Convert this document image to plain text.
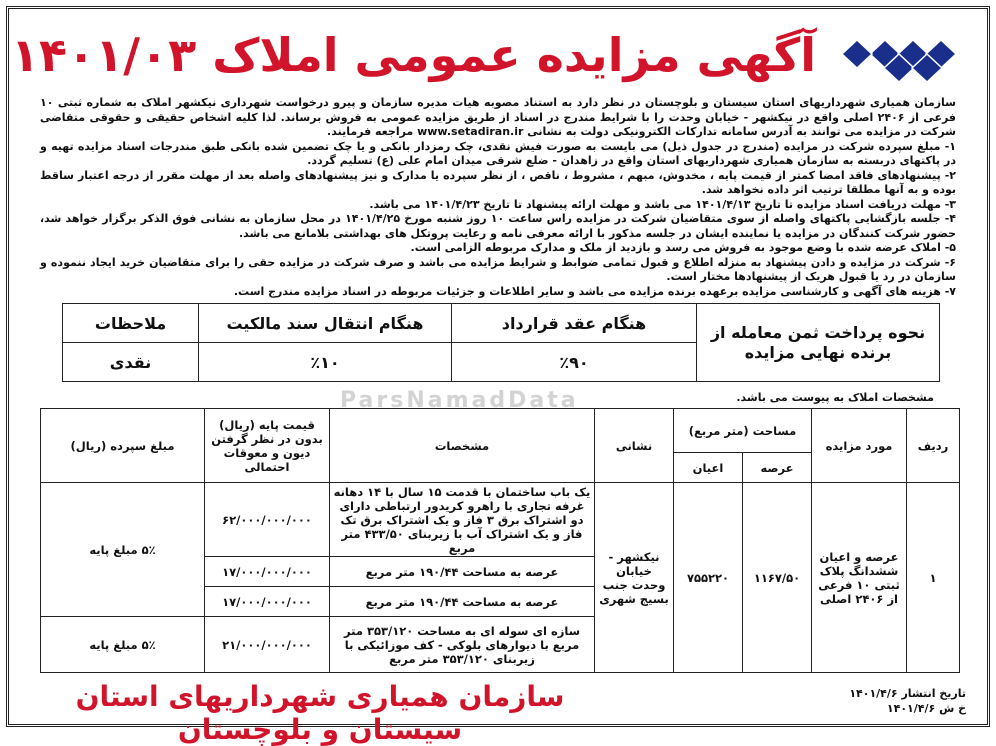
آگهی مزایده عمومی املاک ۱۴۰۱/۰۳

سازمان همیاری شهرداریهای استان سیستان و بلوچستان در نظر دارد به استناد مصوبه هیات مدیره سازمان و پیرو درخواست شهرداری نیکشهر املاک به شماره ثبتی ۱۰ فرعی از ۲۴۰۶ اصلی واقع در نیکشهر - خیابان وحدت را با شرایط مندرج در اسناد از طریق مزایده عمومی به فروش برساند. لذا کلیه اشخاص حقیقی و حقوقی متقاضی شرکت در مزایده می توانند به آدرس سامانه تدارکات الکترونیکی دولت به نشانی www.setadiran.ir مراجعه فرمایند.

۱- مبلغ سپرده شرکت در مزایده (مندرج در جدول ذیل) می بایست به صورت فیش نقدی، چک رمزدار بانکی و یا چک تضمین شده بانکی طبق مندرجات اسناد مزایده تهیه و در پاکتهای دربسته به سازمان همیاری شهرداریهای استان واقع در زاهدان - ضلع شرقی میدان امام علی (ع) تسلیم گردد.

۲- پیشنهادهای فاقد امضا کمتر از قیمت پایه ، مخدوش، مبهم ، مشروط ، ناقص ، از نظر سپرده یا مدارک و نیز پیشنهادهای واصله بعد از مهلت مقرر از درجه اعتبار ساقط بوده و به آنها مطلقا ترتیب اثر داده نخواهد شد.

۳- مهلت دریافت اسناد مزایده تا تاریخ ۱۴۰۱/۴/۱۳ می باشد و مهلت ارائه پیشنهاد تا تاریخ ۱۴۰۱/۴/۲۳ می باشد.

۴- جلسه بازگشایی پاکتهای واصله از سوی متقاضیان شرکت در مزایده راس ساعت ۱۰ روز شنبه مورخ ۱۴۰۱/۴/۲۵ در محل سازمان به نشانی فوق الذکر برگزار خواهد شد، حضور شرکت کنندگان در مزایده یا نماینده ایشان در جلسه مذکور با ارائه معرفی نامه و رعایت پروتکل های بهداشتی بلامانع می باشد.

۵- املاک عرضه شده با وضع موجود به فروش می رسد و بازدید از ملک و مدارک مربوطه الزامی است.

۶- شرکت در مزایده و دادن پیشنهاد به منزله اطلاع و قبول تمامی ضوابط و شرایط مزایده می باشد و صرف شرکت در مزایده حقی را برای متقاضیان خرید ایجاد ننموده و سازمان در رد یا قبول هریک از پیشنهادها مختار است.

۷- هزینه های آگهی و کارشناسی مزایده برعهده برنده مزایده می باشد و سایر اطلاعات و جزئیات مربوطه در اسناد مزایده مندرج است.

نحوه پرداخت ثمن معامله از برنده نهایی مزایده	هنگام عقد قرارداد	هنگام انتقال سند مالکیت	ملاحظات
	٪۹۰	٪۱۰	نقدی
مشخصات املاک به پیوست می باشد.
ParsNamadData
ردیف	مورد مزایده	مساحت (متر مربع)		نشانی	مشخصات	قیمت پایه (ریال) بدون در نظر گرفتن دیون و معوقات احتمالی	مبلغ سپرده (ریال)
		عرصه	اعیان				
۱	عرصه و اعیان ششدانگ پلاک ثبتی ۱۰ فرعی از ۲۴۰۶ اصلی	۱۱۶۷/۵۰	۷۵۵۲۲۰	نیکشهر - خیابان وحدت جنب بسیج شهری	یک باب ساختمان با قدمت ۱۵ سال با ۱۴ دهانه غرفه تجاری با راهرو کریدور ارتباطی دارای دو اشتراک برق ۳ فاز و یک اشتراک برق تک فاز و یک اشتراک آب با زیربنای ۴۳۳/۵۰ متر مربع	۶۲/۰۰۰/۰۰۰/۰۰۰	۵٪ مبلغ پایه
					عرصه به مساحت ۱۹۰/۴۴ متر مربع	۱۷/۰۰۰/۰۰۰/۰۰۰	
					عرصه به مساحت ۱۹۰/۴۴ متر مربع	۱۷/۰۰۰/۰۰۰/۰۰۰	
					سازه ای سوله ای به مساحت ۳۵۳/۱۲۰ متر مربع با دیوارهای بلوکی - کف موزائیکی با زیربنای ۳۵۳/۱۲۰ متر مربع	۲۱/۰۰۰/۰۰۰/۰۰۰	۵٪ مبلغ پایه
تاریخ انتشار ۱۴۰۱/۴/۶
خ ش ۱۴۰۱/۴/۶
سازمان همیاری شهرداریهای استان سیستان و بلوچستان
